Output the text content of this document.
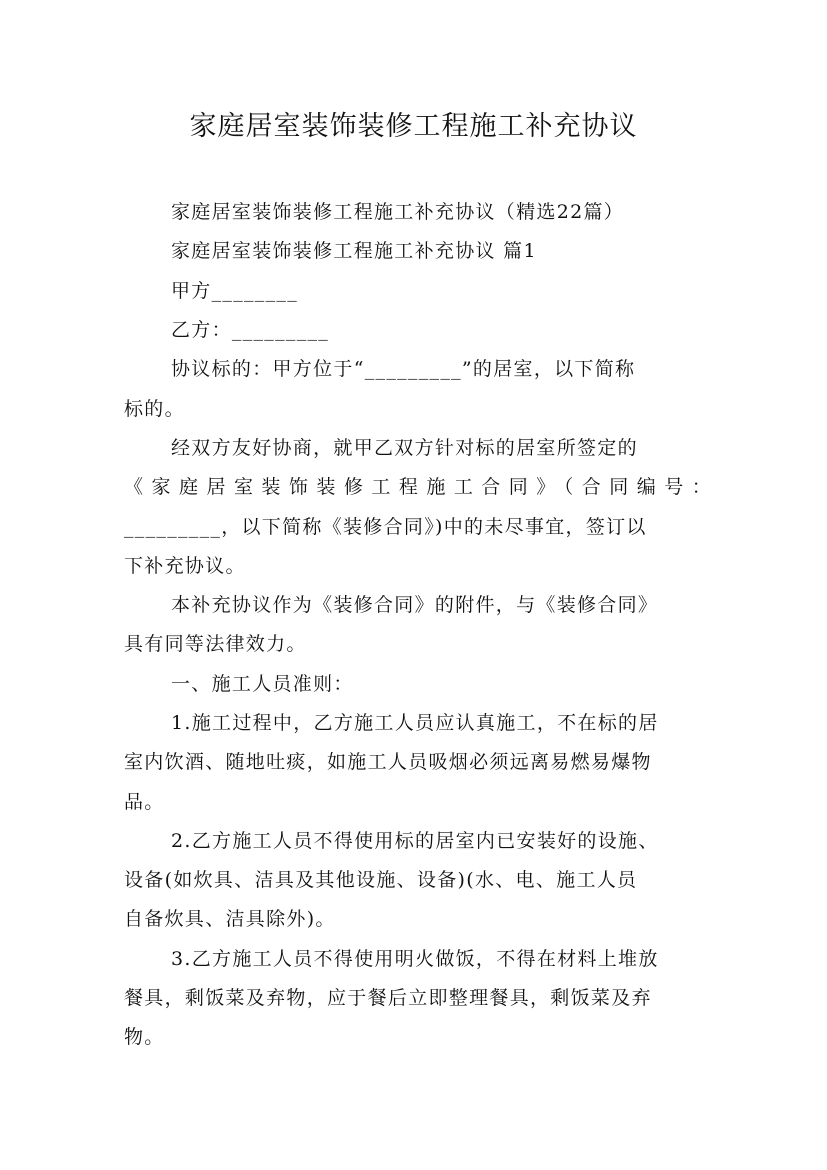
家庭居室装饰装修工程施工补充协议

家庭居室装饰装修工程施工补充协议（精选22篇）

家庭居室装饰装修工程施工补充协议 篇1

甲方________

乙方：_________

协议标的：甲方位于“_________”的居室，以下简称

标的。

经双方友好协商，就甲乙双方针对标的居室所签定的

《家庭居室装饰装修工程施工合同》（合同编号：

_________，以下简称《装修合同》)中的未尽事宜，签订以

下补充协议。

本补充协议作为《装修合同》的附件，与《装修合同》

具有同等法律效力。

一、施工人员准则：

1.施工过程中，乙方施工人员应认真施工，不在标的居

室内饮酒、随地吐痰，如施工人员吸烟必须远离易燃易爆物

品。

2.乙方施工人员不得使用标的居室内已安装好的设施、

设备(如炊具、洁具及其他设施、设备)(水、电、施工人员

自备炊具、洁具除外)。

3.乙方施工人员不得使用明火做饭，不得在材料上堆放

餐具，剩饭菜及弃物，应于餐后立即整理餐具，剩饭菜及弃

物。
